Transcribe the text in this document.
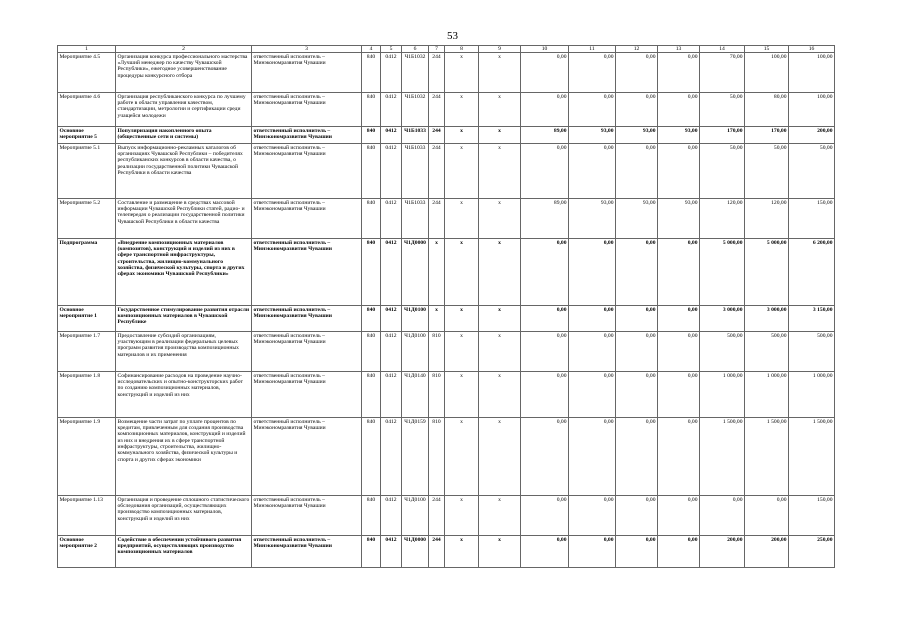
53
1	2	3	4	5	6	7	8	9	10	11	12	13	14	15	16
Мероприятие 4.5	Организация конкурса профессионального мастерства «Лучший менеджер по качеству Чувашской Республики», ежегодное усовершенствование процедуры конкурсного отбора	ответственный исполнитель – Минэкономразвития Чувашии	840	0412	Ч1Б1032	244	х	х	0,00	0,00	0,00	0,00	70,00	100,00	100,00
Мероприятие 4.6	Организация республиканского конкурса по лучшему работе в области управления качеством, стандартизации, метрологии и сертификации среди учащейся молодежи	ответственный исполнитель – Минэкономразвития Чувашии	840	0412	Ч1Б1032	244	х	х	0,00	0,00	0,00	0,00	50,00	80,00	100,00
Основное мероприятие 5	Популяризация накопленного опыта (общественные сети и системы)	ответственный исполнитель – Минэкономразвития Чувашии	840	0412	Ч1Б1033	244	х	х	89,00	93,00	93,00	93,00	170,00	170,00	200,00
Мероприятие 5.1	Выпуск информационно-рекламных каталогов об организациях Чувашской Республики – победителях республиканских конкурсов в области качества, о реализации государственной политики Чувашской Республики в области качества	ответственный исполнитель – Минэкономразвития Чувашии	840	0412	Ч1Б1033	244	х	х	0,00	0,00	0,00	0,00	50,00	50,00	50,00
Мероприятие 5.2	Составление и размещение в средствах массовой информации Чувашской Республики статей, радио- и телепередач о реализации государственной политики Чувашской Республики в области качества	ответственный исполнитель – Минэкономразвития Чувашии	840	0412	Ч1Б1033	244	х	х	89,00	93,00	93,00	93,00	120,00	120,00	150,00
Подпрограмма	«Внедрение композиционных материалов (композитов), конструкций и изделий из них в сфере транспортной инфраструктуры, строительства, жилищно-коммунального хозяйства, физической культуры, спорта и других сферах экономики Чувашской Республики»	ответственный исполнитель – Минэкономразвития Чувашии	840	0412	Ч1Д0000	х	х	х	0,00	0,00	0,00	0,00	5 000,00	5 000,00	6 200,00
Основное мероприятие 1	Государственное стимулирование развития отрасли композиционных материалов в Чувашской Республике	ответственный исполнитель – Минэкономразвития Чувашии	840	0412	Ч1Д0100	х	х	х	0,00	0,00	0,00	0,00	3 000,00	3 000,00	3 150,00
Мероприятие 1.7	Предоставление субсидий организациям, участвующим в реализации федеральных целевых программ развития производства композиционных материалов и их применения	ответственный исполнитель – Минэкономразвития Чувашии	840	0412	Ч1Д0100	810	х	х	0,00	0,00	0,00	0,00	500,00	500,00	500,00
Мероприятие 1.8	Софинансирование расходов на проведение научно-исследовательских и опытно-конструкторских работ по созданию композиционных материалов, конструкций и изделий из них	ответственный исполнитель – Минэкономразвития Чувашии	840	0412	Ч1Д0140	810	х	х	0,00	0,00	0,00	0,00	1 000,00	1 000,00	1 000,00
Мероприятие 1.9	Возмещение части затрат по уплате процентов по кредитам, привлеченным для создания производства композиционных материалов, конструкций и изделий из них и внедрения их в сфере транспортной инфраструктуры, строительства, жилищно-коммунального хозяйства, физической культуры и спорта и других сферах экономики	ответственный исполнитель – Минэкономразвития Чувашии	840	0412	Ч1Д0159	810	х	х	0,00	0,00	0,00	0,00	1 500,00	1 500,00	1 500,00
Мероприятие 1.13	Организация и проведение сплошного статистического обследования организаций, осуществляющих производство композиционных материалов, конструкций и изделий из них	ответственный исполнитель – Минэкономразвития Чувашии	840	0412	Ч1Д0100	244	х	х	0,00	0,00	0,00	0,00	0,00	0,00	150,00
Основное мероприятие 2	Содействие в обеспечении устойчивого развития предприятий, осуществляющих производство композиционных материалов	ответственный исполнитель – Минэкономразвития Чувашии	840	0412	Ч1Д0000	244	х	х	0,00	0,00	0,00	0,00	200,00	200,00	250,00
